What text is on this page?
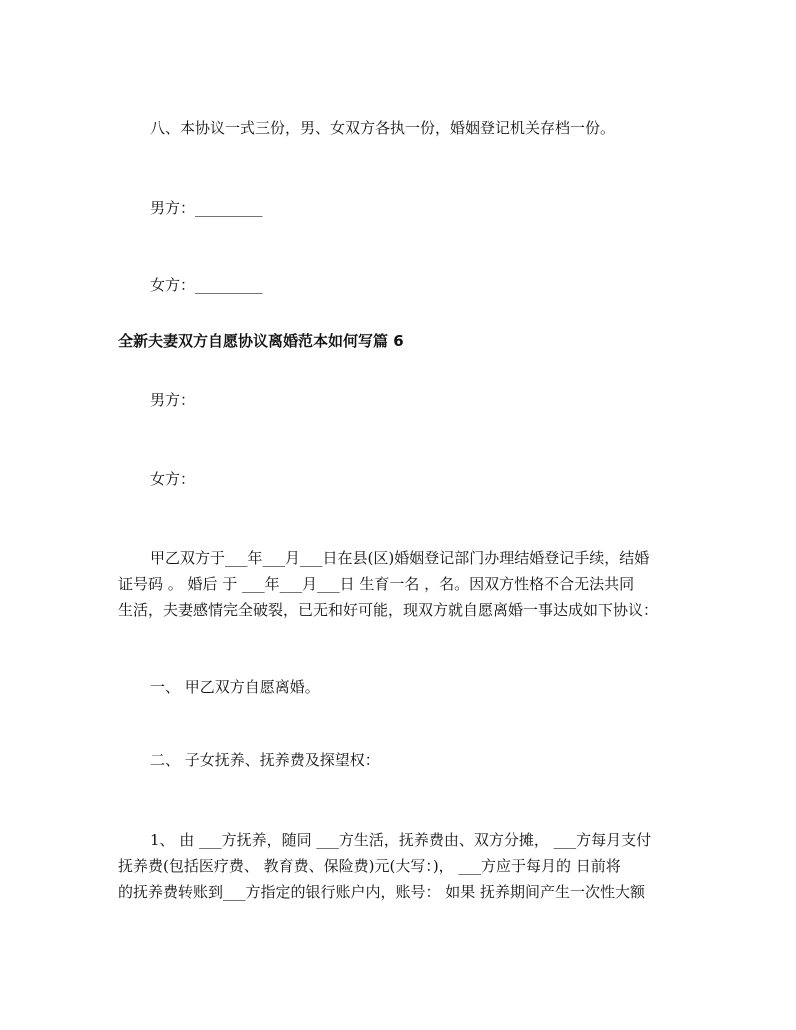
八、本协议一式三份，男、女双方各执一份，婚姻登记机关存档一份。
男方：_________
女方：_________
全新夫妻双方自愿协议离婚范本如何写篇 6
男方：
女方：
甲乙双方于___年___月___日在县(区)婚姻登记部门办理结婚登记手续，结婚
证号码 。 婚后 于 ___年___月___日 生育一名 ，名。因双方性格不合无法共同
生活，夫妻感情完全破裂，已无和好可能，现双方就自愿离婚一事达成如下协议：
一、 甲乙双方自愿离婚。
二、 子女抚养、抚养费及探望权：
1、 由 ___方抚养，随同 ___方生活，抚养费由、双方分摊， ___方每月支付
抚养费(包括医疗费、 教育费、保险费)元(大写：)， ___方应于每月的 日前将
的抚养费转账到___方指定的银行账户内，账号： 如果 抚养期间产生一次性大额
